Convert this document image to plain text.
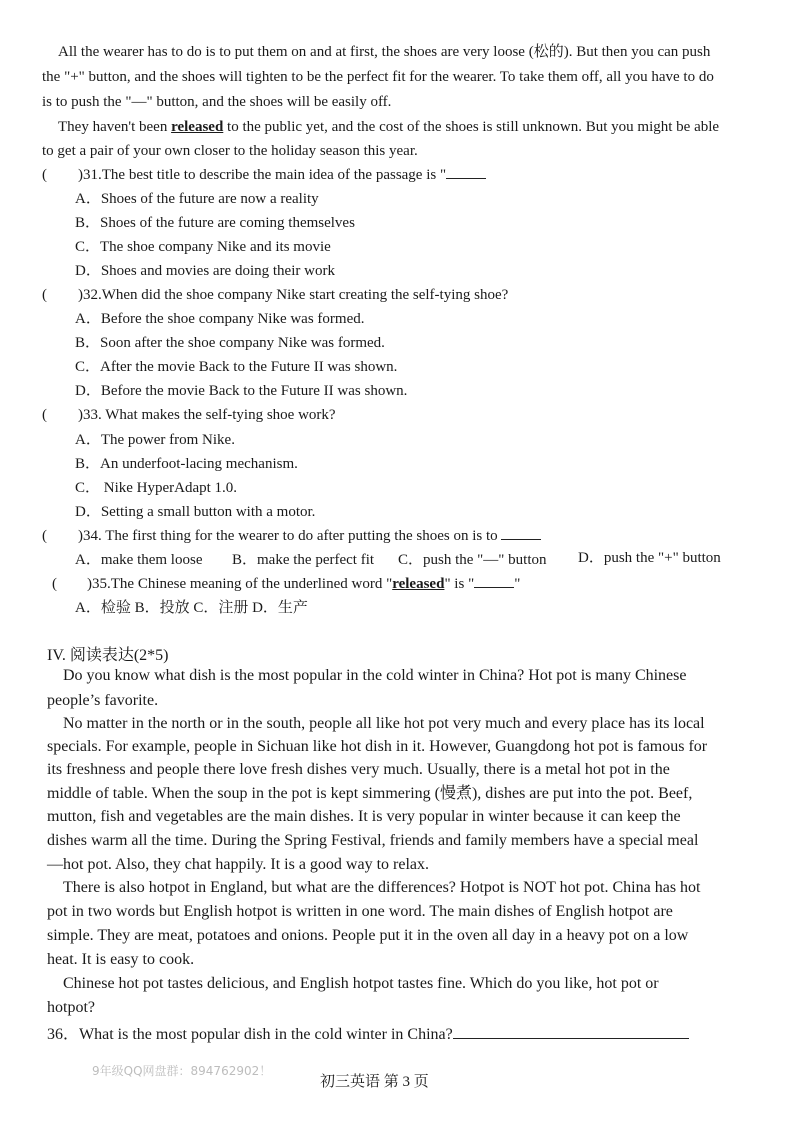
All the wearer has to do is to put them on and at first, the shoes are very loose (松的). But then you can push
the "+" button, and the shoes will tighten to be the perfect fit for the wearer. To take them off, all you have to do
is to push the "—" button, and the shoes will be easily off.
They haven't been released to the public yet, and the cost of the shoes is still unknown. But you might be able
to get a pair of your own closer to the holiday season this year.
( )31.The best title to describe the main idea of the passage is "
A．Shoes of the future are now a reality
B．Shoes of the future are coming themselves
C．The shoe company Nike and its movie
D．Shoes and movies are doing their work
( )32.When did the shoe company Nike start creating the self-tying shoe?
A．Before the shoe company Nike was formed.
B．Soon after the shoe company Nike was formed.
C．After the movie Back to the Future II was shown.
D．Before the movie Back to the Future II was shown.
( )33. What makes the self-tying shoe work?
A．The power from Nike.
B．An underfoot-lacing mechanism.
C． Nike HyperAdapt 1.0.
D．Setting a small button with a motor.
( )34. The first thing for the wearer to do after putting the shoes on is to
A．make them loose B．make the perfect fit C．push the "—" button D．push the "+" button
( )35.The Chinese meaning of the underlined word "released" is "	"
A．检验 B．投放 C．注册 D．生产
IV. 阅读表达(2*5)
Do you know what dish is the most popular in the cold winter in China? Hot pot is many Chinese
people’s favorite.
No matter in the north or in the south, people all like hot pot very much and every place has its local
specials. For example, people in Sichuan like hot dish in it. However, Guangdong hot pot is famous for
its freshness and people there love fresh dishes very much. Usually, there is a metal hot pot in the
middle of table. When the soup in the pot is kept simmering (慢煮), dishes are put into the pot. Beef,
mutton, fish and vegetables are the main dishes. It is very popular in winter because it can keep the
dishes warm all the time. During the Spring Festival, friends and family members have a special meal
—hot pot. Also, they chat happily. It is a good way to relax.
There is also hotpot in England, but what are the differences? Hotpot is NOT hot pot. China has hot
pot in two words but English hotpot is written in one word. The main dishes of English hotpot are
simple. They are meat, potatoes and onions. People put it in the oven all day in a heavy pot on a low
heat. It is easy to cook.
Chinese hot pot tastes delicious, and English hotpot tastes fine. Which do you like, hot pot or
hotpot?
36．What is the most popular dish in the cold winter in China?
9年级QQ网盘群：894762902！
初三英语 第 3 页
